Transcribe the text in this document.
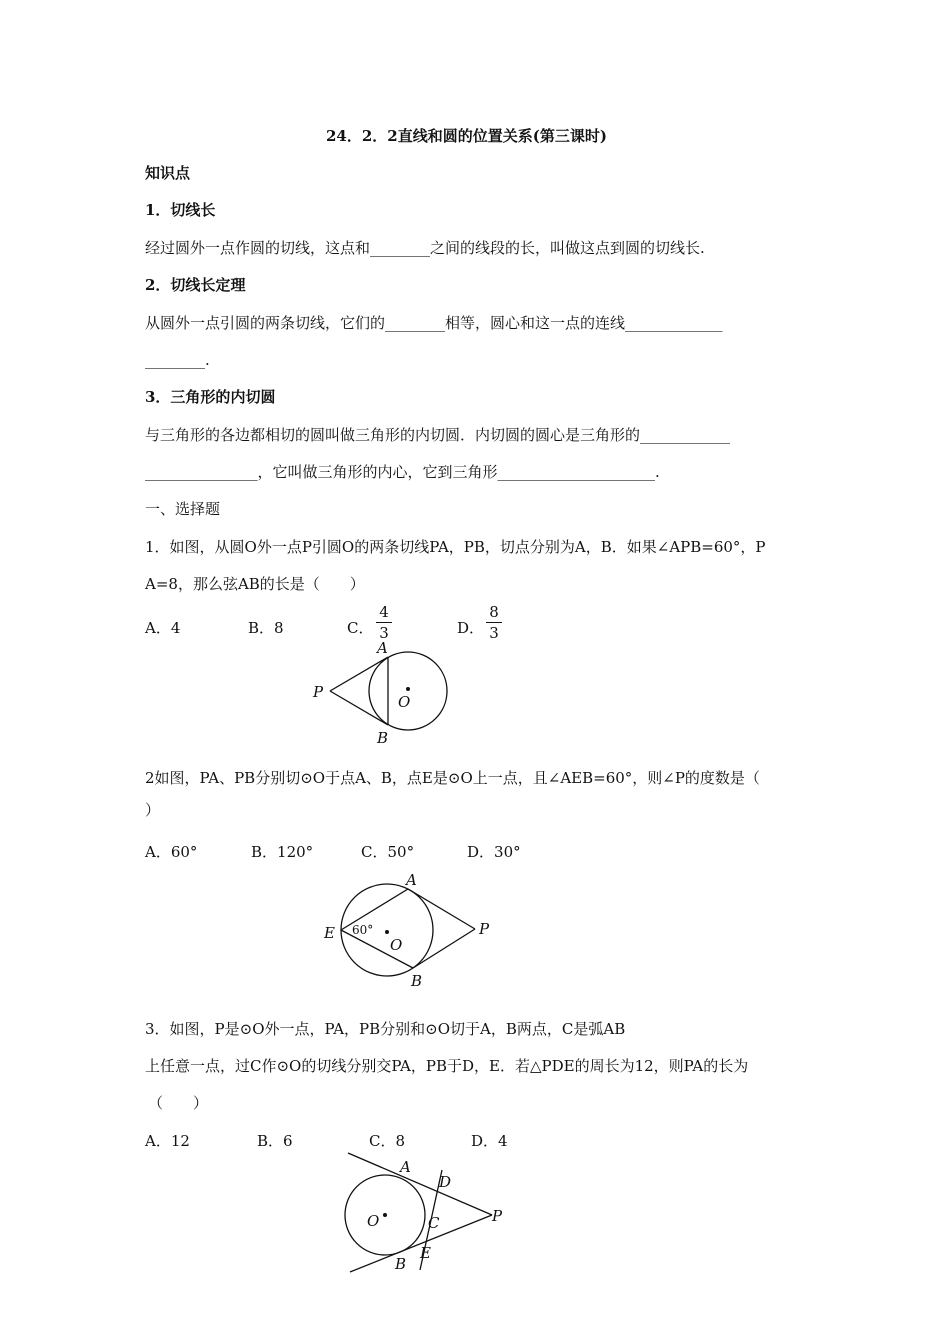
24．2．2直线和圆的位置关系(第三课时)
知识点
1．切线长
经过圆外一点作圆的切线，这点和________之间的线段的长，叫做这点到圆的切线长.
2．切线长定理
从圆外一点引圆的两条切线，它们的________相等，圆心和这一点的连线_____________
________.
3．三角形的内切圆
与三角形的各边都相切的圆叫做三角形的内切圆．内切圆的圆心是三角形的____________
_______________，它叫做三角形的内心，它到三角形_____________________.
一、选择题
1．如图，从圆O外一点P引圆O的两条切线PA，PB，切点分别为A，B．如果∠APB=60°，P
A=8，那么弦AB的长是（　　）
A．4	B．8	C．
4
3	D．
8
3
A
B
P
O
2如图，PA、PB分别切⊙O于点A、B，点E是⊙O上一点，且∠AEB=60°，则∠P的度数是（
）
A．60°	B．120°	C．50°	D．30°
A
B
P
O
E 60°
3．如图，P是⊙O外一点，PA，PB分别和⊙O切于A，B两点，C是弧AB
上任意一点，过C作⊙O的切线分别交PA，PB于D，E．若△PDE的周长为12，则PA的长为
（　　）
A．12	B．6	C．8	D．4
A
B
P
O	C
D
E
